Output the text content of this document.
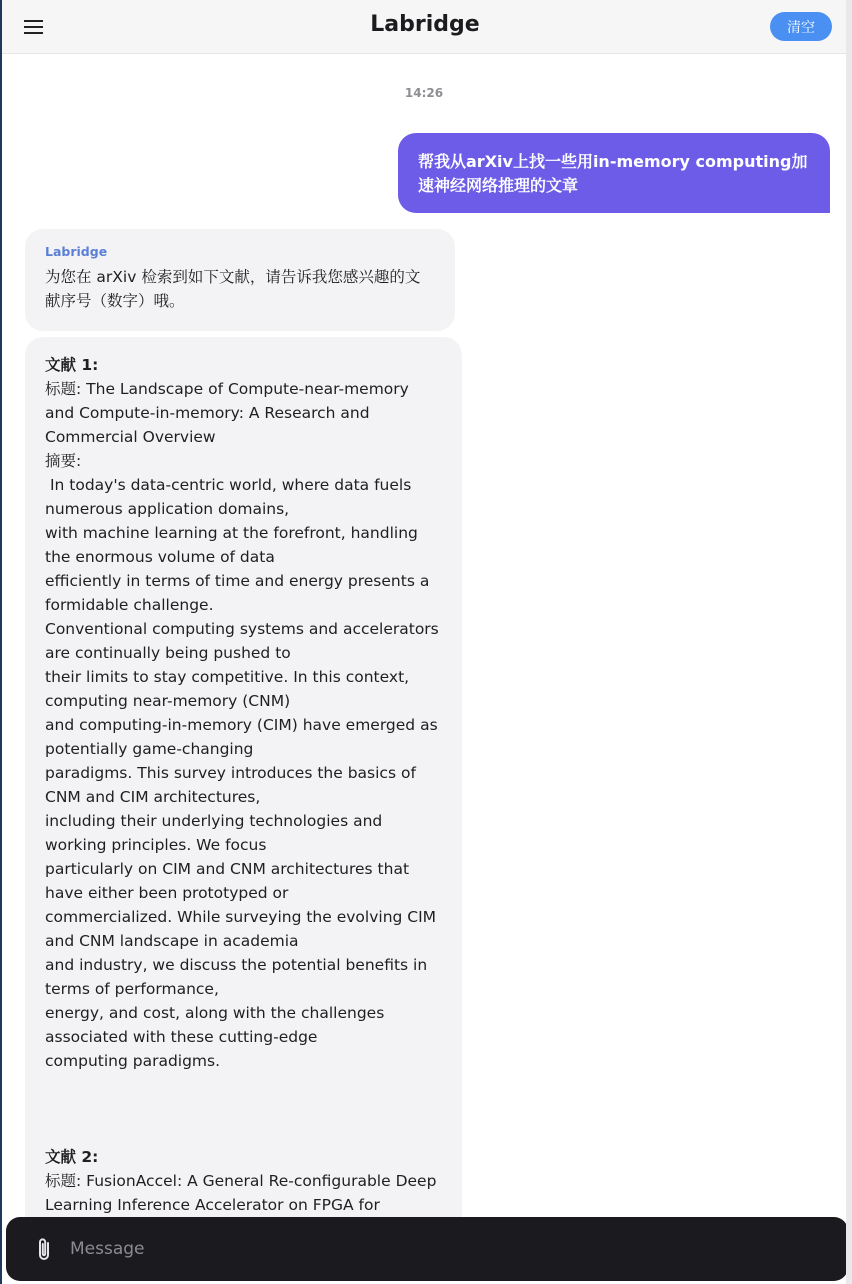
Labridge	清空
14:26
帮我从arXiv上找一些用in-memory computing加速神经网络推理的文章
Labridge
为您在 arXiv 检索到如下文献，请告诉我您感兴趣的文献序号（数字）哦。
文献 1:
标题: The Landscape of Compute-near-memory and Compute-in-memory: A Research and Commercial Overview
摘要:
In today's data-centric world, where data fuels numerous application domains,
with machine learning at the forefront, handling the enormous volume of data
efficiently in terms of time and energy presents a formidable challenge.
Conventional computing systems and accelerators are continually being pushed to
their limits to stay competitive. In this context, computing near-memory (CNM)
and computing-in-memory (CIM) have emerged as potentially game-changing
paradigms. This survey introduces the basics of CNM and CIM architectures,
including their underlying technologies and working principles. We focus
particularly on CIM and CNM architectures that have either been prototyped or
commercialized. While surveying the evolving CIM and CNM landscape in academia
and industry, we discuss the potential benefits in terms of performance,
energy, and cost, along with the challenges associated with these cutting-edge
computing paradigms.
文献 2:
标题: FusionAccel: A General Re-configurable Deep Learning Inference Accelerator on FPGA for
Message
